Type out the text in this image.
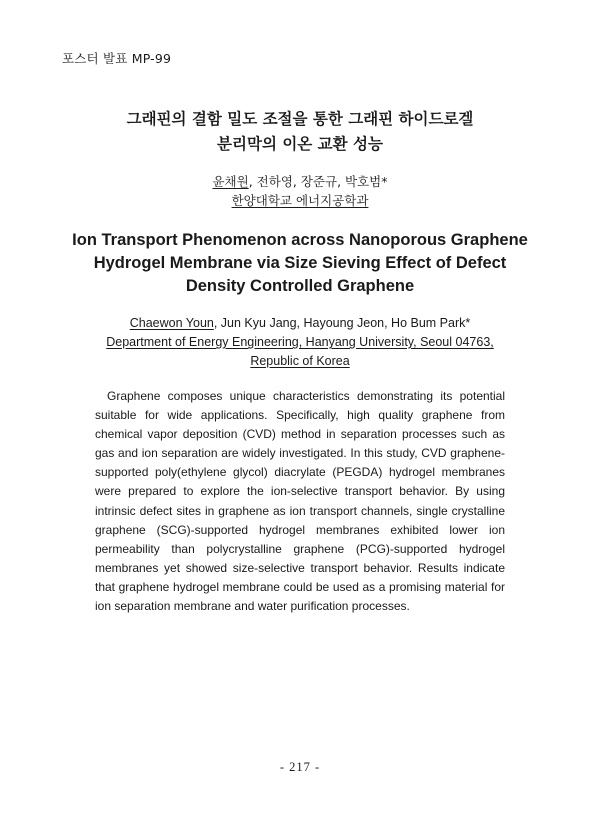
포스터 발표 MP-99
그래핀의 결함 밀도 조절을 통한 그래핀 하이드로겔
분리막의 이온 교환 성능
윤채원, 전하영, 장준규, 박호범*
한양대학교 에너지공학과
Ion Transport Phenomenon across Nanoporous Graphene
Hydrogel Membrane via Size Sieving Effect of Defect
Density Controlled Graphene
Chaewon Youn, Jun Kyu Jang, Hayoung Jeon, Ho Bum Park*
Department of Energy Engineering, Hanyang University, Seoul 04763,
Republic of Korea

Graphene composes unique characteristics demonstrating its potential suitable for wide applications. Specifically, high quality graphene from chemical vapor deposition (CVD) method in separation processes such as gas and ion separation are widely investigated. In this study, CVD graphene-supported poly(ethylene glycol) diacrylate (PEGDA) hydrogel membranes were prepared to explore the ion-selective transport behavior. By using intrinsic defect sites in graphene as ion transport channels, single crystalline graphene (SCG)-supported hydrogel membranes exhibited lower ion permeability than polycrystalline graphene (PCG)-supported hydrogel membranes yet showed size-selective transport behavior. Results indicate that graphene hydrogel membrane could be used as a promising material for ion separation membrane and water purification processes.

- 217 -
